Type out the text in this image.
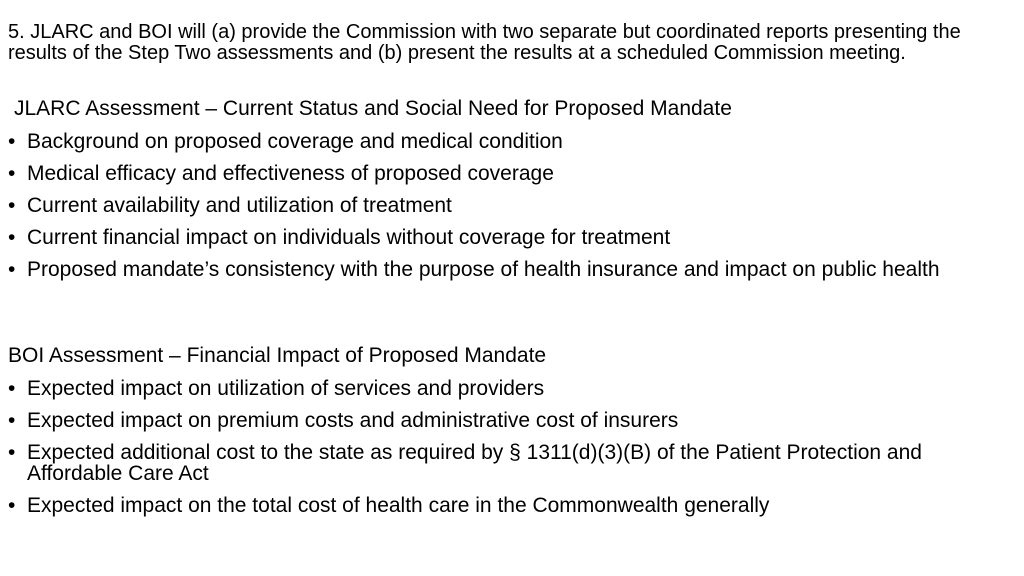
5. JLARC and BOI will (a) provide the Commission with two separate but coordinated reports presenting the results of the Step Two assessments and (b) present the results at a scheduled Commission meeting.

JLARC Assessment – Current Status and Social Need for Proposed Mandate

• Background on proposed coverage and medical condition
• Medical efficacy and effectiveness of proposed coverage
• Current availability and utilization of treatment
• Current financial impact on individuals without coverage for treatment
• Proposed mandate’s consistency with the purpose of health insurance and impact on public health

BOI Assessment – Financial Impact of Proposed Mandate

• Expected impact on utilization of services and providers
• Expected impact on premium costs and administrative cost of insurers
• Expected additional cost to the state as required by § 1311(d)(3)(B) of the Patient Protection and Affordable Care Act
• Expected impact on the total cost of health care in the Commonwealth generally
